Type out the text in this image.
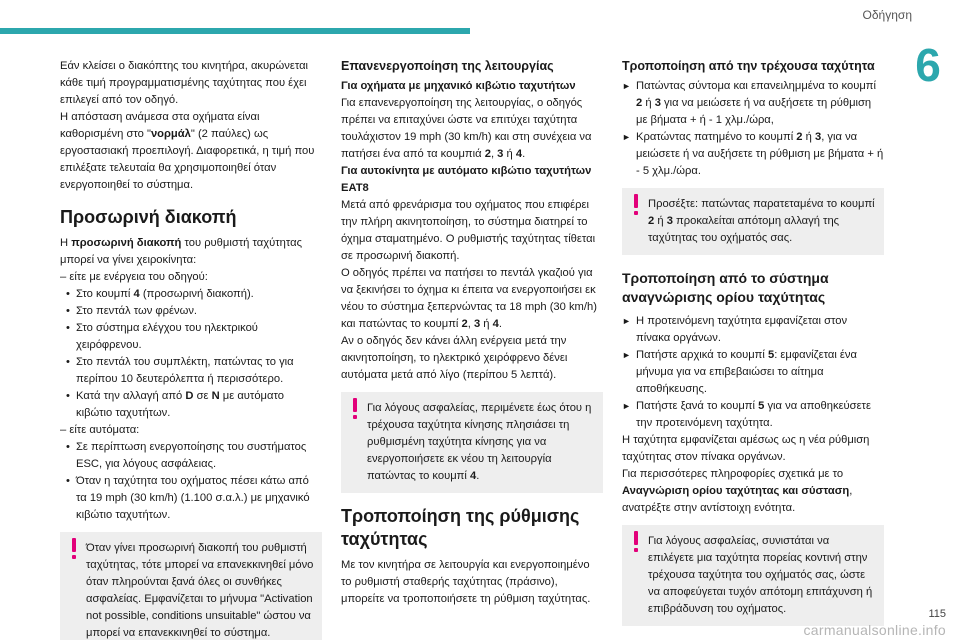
Οδήγηση
6

Εάν κλείσει ο διακόπτης του κινητήρα, ακυρώνεται κάθε τιμή προγραμματισμένης ταχύτητας που έχει επιλεγεί από τον οδηγό.

Η απόσταση ανάμεσα στα οχήματα είναι καθορισμένη στο "νορμάλ" (2 παύλες) ως εργοστασιακή προεπιλογή. Διαφορετικά, η τιμή που επιλέξατε τελευταία θα χρησιμοποιηθεί όταν ενεργοποιηθεί το σύστημα.

Προσωρινή διακοπή

Η προσωρινή διακοπή του ρυθμιστή ταχύτητας μπορεί να γίνει χειροκίνητα:

– είτε με ενέργεια του οδηγού:

• Στο κουμπί 4 (προσωρινή διακοπή).

• Στο πεντάλ των φρένων.

• Στο σύστημα ελέγχου του ηλεκτρικού χειρόφρενου.

• Στο πεντάλ του συμπλέκτη, πατώντας το για περίπου 10 δευτερόλεπτα ή περισσότερο.

• Κατά την αλλαγή από D σε N με αυτόματο κιβώτιο ταχυτήτων.

– είτε αυτόματα:

• Σε περίπτωση ενεργοποίησης του συστήματος ESC, για λόγους ασφάλειας.

• Όταν η ταχύτητα του οχήματος πέσει κάτω από τα 19 mph (30 km/h) (1.100 σ.α.λ.) με μηχανικό κιβώτιο ταχυτήτων.

Όταν γίνει προσωρινή διακοπή του ρυθμιστή ταχύτητας, τότε μπορεί να επανεκκινηθεί μόνο όταν πληρούνται ξανά όλες οι συνθήκες ασφαλείας. Εμφανίζεται το μήνυμα "Activation not possible, conditions unsuitable" ώστου να μπορεί να επανεκκινηθεί το σύστημα.

Επανενεργοποίηση της λειτουργίας

Για οχήματα με μηχανικό κιβώτιο ταχυτήτων

Για επανενεργοποίηση της λειτουργίας, ο οδηγός πρέπει να επιταχύνει ώστε να επιτύχει ταχύτητα τουλάχιστον 19 mph (30 km/h) και στη συνέχεια να πατήσει ένα από τα κουμπιά 2, 3 ή 4.

Για αυτοκίνητα με αυτόματο κιβώτιο ταχυτήτων EAT8

Μετά από φρενάρισμα του οχήματος που επιφέρει την πλήρη ακινητοποίηση, το σύστημα διατηρεί το όχημα σταματημένο. Ο ρυθμιστής ταχύτητας τίθεται σε προσωρινή διακοπή.

Ο οδηγός πρέπει να πατήσει το πεντάλ γκαζιού για να ξεκινήσει το όχημα κι έπειτα να ενεργοποιήσει εκ νέου το σύστημα ξεπερνώντας τα 18 mph (30 km/h) και πατώντας το κουμπί 2, 3 ή 4.

Αν ο οδηγός δεν κάνει άλλη ενέργεια μετά την ακινητοποίηση, το ηλεκτρικό χειρόφρενο δένει αυτόματα μετά από λίγο (περίπου 5 λεπτά).

Για λόγους ασφαλείας, περιμένετε έως ότου η τρέχουσα ταχύτητα κίνησης πλησιάσει τη ρυθμισμένη ταχύτητα κίνησης για να ενεργοποιήσετε εκ νέου τη λειτουργία πατώντας το κουμπί 4.

Τροποποίηση της ρύθμισης ταχύτητας

Με τον κινητήρα σε λειτουργία και ενεργοποιημένο το ρυθμιστή σταθερής ταχύτητας (πράσινο), μπορείτε να τροποποιήσετε τη ρύθμιση ταχύτητας.

Τροποποίηση από την τρέχουσα ταχύτητα

► Πατώντας σύντομα και επανειλημμένα το κουμπί 2 ή 3 για να μειώσετε ή να αυξήσετε τη ρύθμιση με βήματα + ή - 1 χλμ./ώρα,

► Κρατώντας πατημένο το κουμπί 2 ή 3, για να μειώσετε ή να αυξήσετε τη ρύθμιση με βήματα + ή - 5 χλμ./ώρα.

Προσέξτε: πατώντας παρατεταμένα το κουμπί 2 ή 3 προκαλείται απότομη αλλαγή της ταχύτητας του οχήματός σας.

Τροποποίηση από το σύστημα αναγνώρισης ορίου ταχύτητας

► Η προτεινόμενη ταχύτητα εμφανίζεται στον πίνακα οργάνων.

► Πατήστε αρχικά το κουμπί 5: εμφανίζεται ένα μήνυμα για να επιβεβαιώσει το αίτημα αποθήκευσης.

► Πατήστε ξανά το κουμπί 5 για να αποθηκεύσετε την προτεινόμενη ταχύτητα.

Η ταχύτητα εμφανίζεται αμέσως ως η νέα ρύθμιση ταχύτητας στον πίνακα οργάνων.

Για περισσότερες πληροφορίες σχετικά με το Αναγνώριση ορίου ταχύτητας και σύσταση, ανατρέξτε στην αντίστοιχη ενότητα.

Για λόγους ασφαλείας, συνιστάται να επιλέγετε μια ταχύτητα πορείας κοντινή στην τρέχουσα ταχύτητα του οχήματός σας, ώστε να αποφεύγεται τυχόν απότομη επιτάχυνση ή επιβράδυνση του οχήματος.

carmanualsonline.info
115
